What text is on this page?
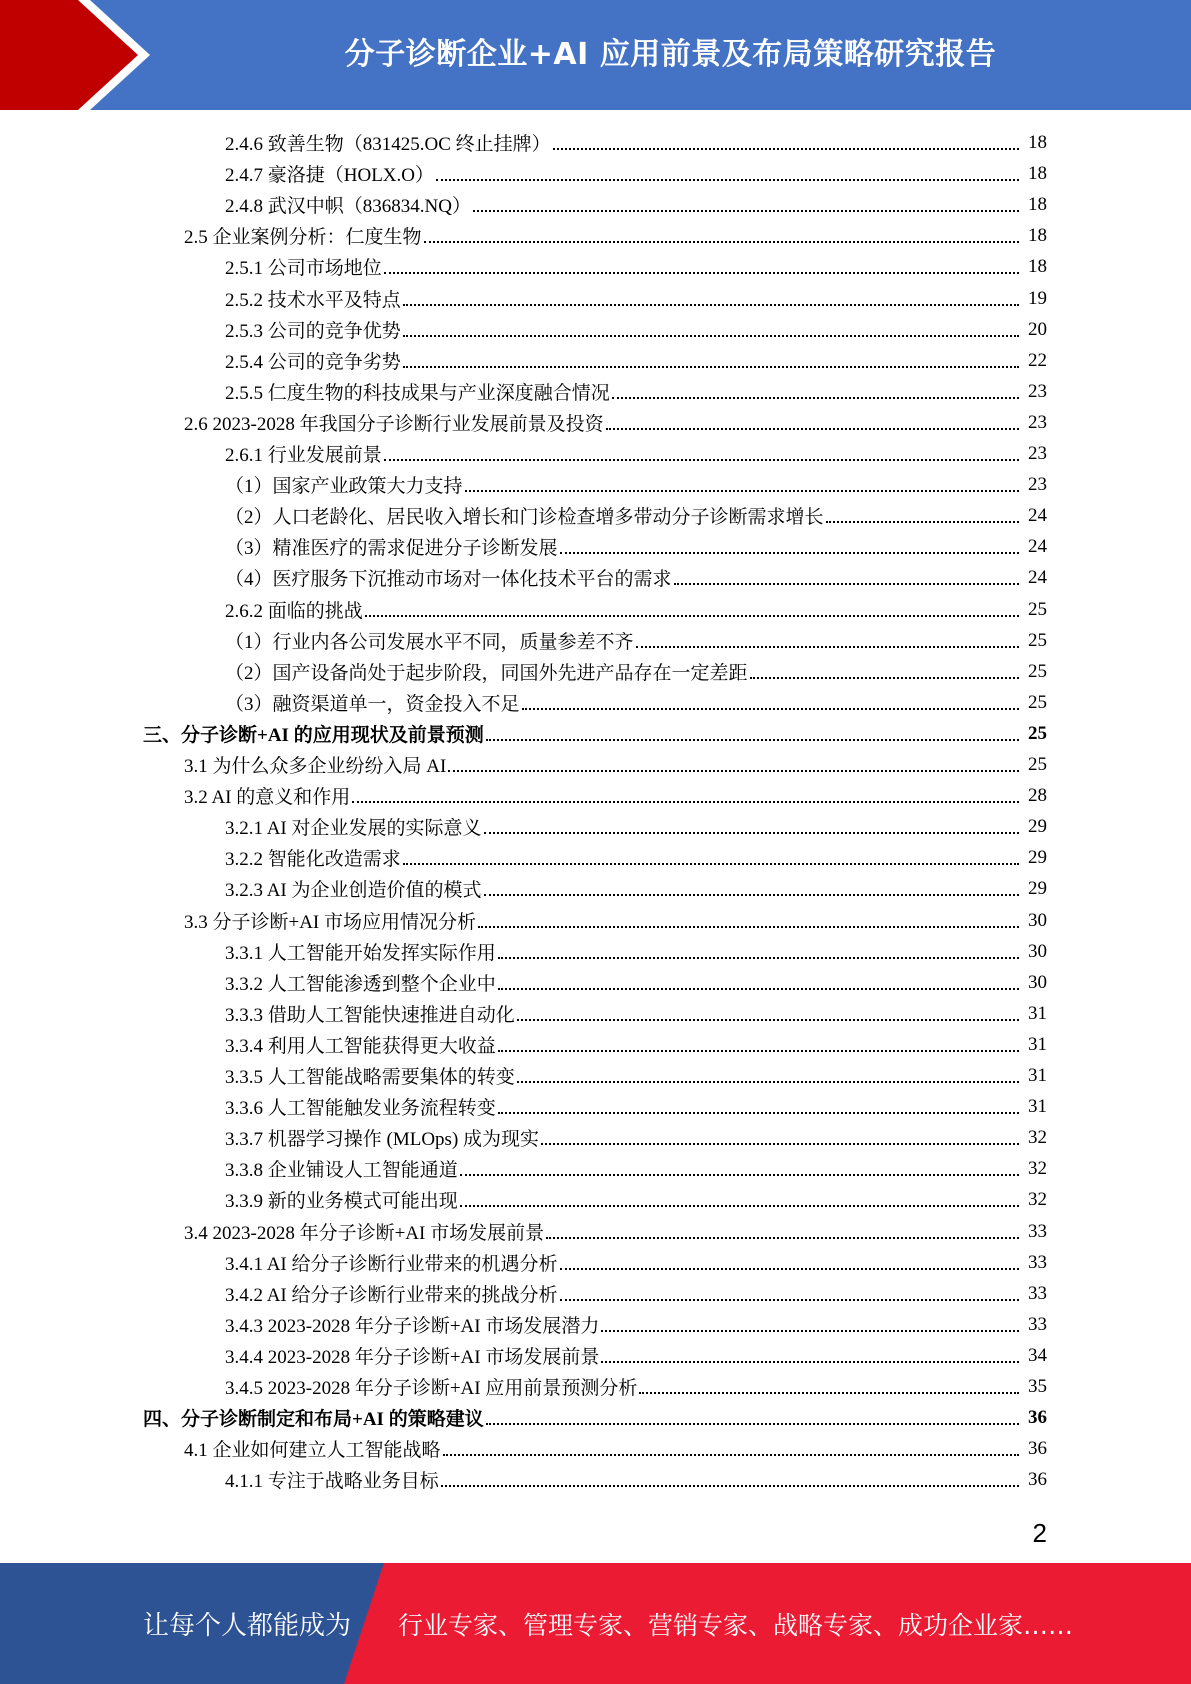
分子诊断企业+AI 应用前景及布局策略研究报告
2.4.6 致善生物（831425.OC 终止挂牌）	18
2.4.7 豪洛捷（HOLX.O）	18
2.4.8 武汉中帜（836834.NQ）	18
2.5 企业案例分析：仁度生物	18
2.5.1 公司市场地位	18
2.5.2 技术水平及特点	19
2.5.3 公司的竞争优势	20
2.5.4 公司的竞争劣势	22
2.5.5 仁度生物的科技成果与产业深度融合情况	23
2.6 2023-2028 年我国分子诊断行业发展前景及投资	23
2.6.1 行业发展前景	23
（1）国家产业政策大力支持	23
（2）人口老龄化、居民收入增长和门诊检查增多带动分子诊断需求增长	24
（3）精准医疗的需求促进分子诊断发展	24
（4）医疗服务下沉推动市场对一体化技术平台的需求	24
2.6.2 面临的挑战	25
（1）行业内各公司发展水平不同，质量参差不齐	25
（2）国产设备尚处于起步阶段，同国外先进产品存在一定差距	25
（3）融资渠道单一，资金投入不足	25
三、分子诊断+AI 的应用现状及前景预测	25
3.1 为什么众多企业纷纷入局 AI	25
3.2 AI 的意义和作用	28
3.2.1 AI 对企业发展的实际意义	29
3.2.2 智能化改造需求	29
3.2.3 AI 为企业创造价值的模式	29
3.3 分子诊断+AI 市场应用情况分析	30
3.3.1 人工智能开始发挥实际作用	30
3.3.2 人工智能渗透到整个企业中	30
3.3.3 借助人工智能快速推进自动化	31
3.3.4 利用人工智能获得更大收益	31
3.3.5 人工智能战略需要集体的转变	31
3.3.6 人工智能触发业务流程转变	31
3.3.7 机器学习操作 (MLOps) 成为现实	32
3.3.8 企业铺设人工智能通道	32
3.3.9 新的业务模式可能出现	32
3.4 2023-2028 年分子诊断+AI 市场发展前景	33
3.4.1 AI 给分子诊断行业带来的机遇分析	33
3.4.2 AI 给分子诊断行业带来的挑战分析	33
3.4.3 2023-2028 年分子诊断+AI 市场发展潜力	33
3.4.4 2023-2028 年分子诊断+AI 市场发展前景	34
3.4.5 2023-2028 年分子诊断+AI 应用前景预测分析	35
四、分子诊断制定和布局+AI 的策略建议	36
4.1 企业如何建立人工智能战略	36
4.1.1 专注于战略业务目标	36
2
让每个人都能成为 行业专家、管理专家、营销专家、战略专家、成功企业家……
